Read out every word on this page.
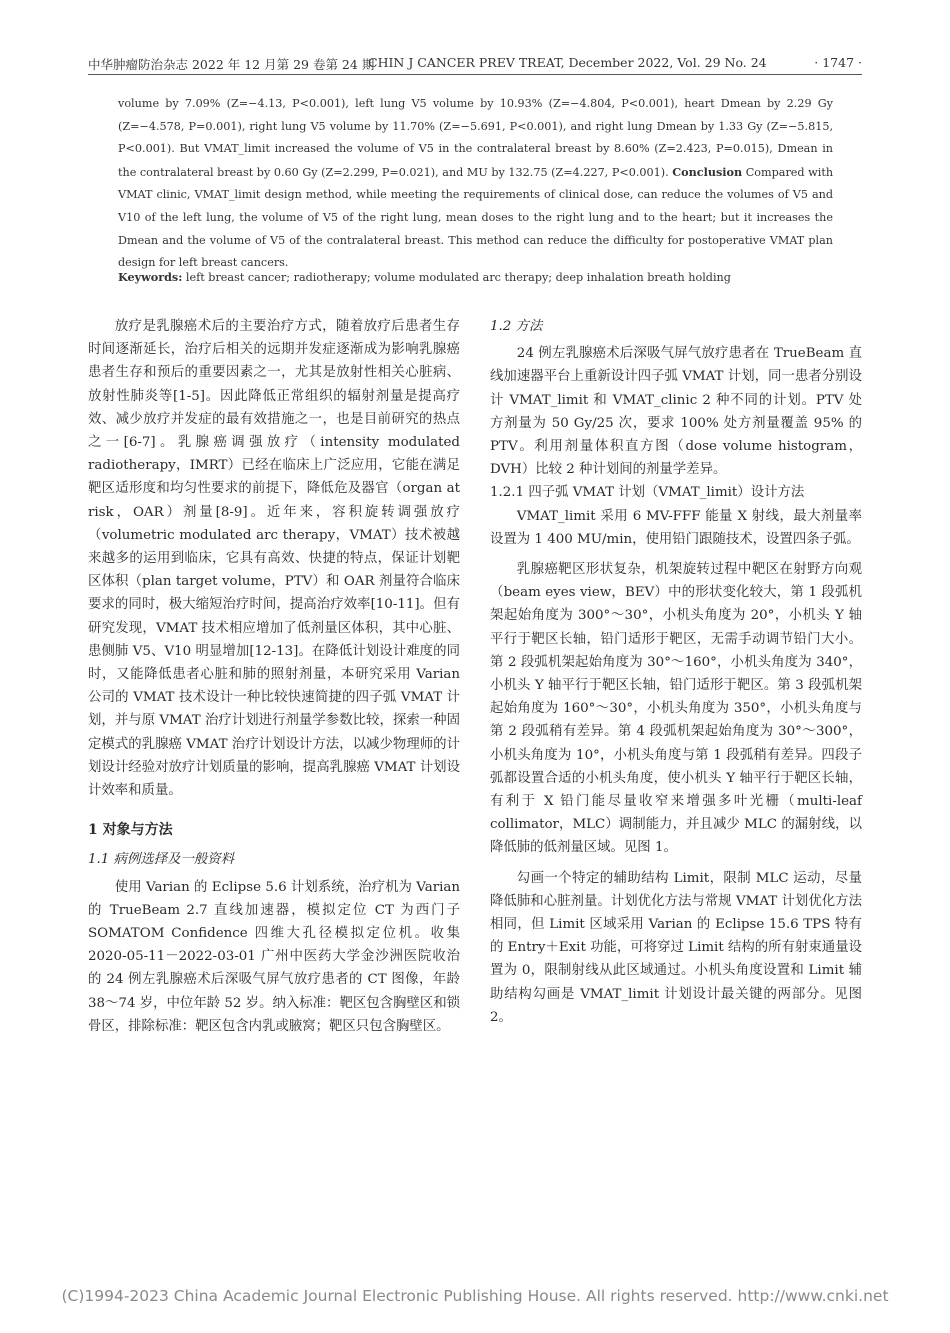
中华肿瘤防治杂志 2022 年 12 月第 29 卷第 24 期
CHIN J CANCER PREV TREAT, December 2022, Vol. 29 No. 24	· 1747 ·

volume by 7.09% (Z=−4.13, P<0.001), left lung V5 volume by 10.93% (Z=−4.804, P<0.001), heart Dmean by 2.29 Gy (Z=−4.578, P=0.001), right lung V5 volume by 11.70% (Z=−5.691, P<0.001), and right lung Dmean by 1.33 Gy (Z=−5.815, P<0.001). But VMAT_limit increased the volume of V5 in the contralateral breast by 8.60% (Z=2.423, P=0.015), Dmean in the contralateral breast by 0.60 Gy (Z=2.299, P=0.021), and MU by 132.75 (Z=4.227, P<0.001). Conclusion Compared with VMAT clinic, VMAT_limit design method, while meeting the requirements of clinical dose, can reduce the volumes of V5 and V10 of the left lung, the volume of V5 of the right lung, mean doses to the right lung and to the heart; but it increases the Dmean and the volume of V5 of the contralateral breast. This method can reduce the difficulty for postoperative VMAT plan design for left breast cancers.

Keywords: left breast cancer; radiotherapy; volume modulated arc therapy; deep inhalation breath holding

放疗是乳腺癌术后的主要治疗方式，随着放疗后患者生存时间逐渐延长，治疗后相关的远期并发症逐渐成为影响乳腺癌患者生存和预后的重要因素之一，尤其是放射性相关心脏病、放射性肺炎等[1-5]。因此降低正常组织的辐射剂量是提高疗效、减少放疗并发症的最有效措施之一，也是目前研究的热点之一[6-7]。乳腺癌调强放疗（intensity modulated radiotherapy，IMRT）已经在临床上广泛应用，它能在满足靶区适形度和均匀性要求的前提下，降低危及器官（organ at risk，OAR）剂量[8-9]。近年来，容积旋转调强放疗（volumetric modulated arc therapy，VMAT）技术被越来越多的运用到临床，它具有高效、快捷的特点，保证计划靶区体积（plan target volume，PTV）和 OAR 剂量符合临床要求的同时，极大缩短治疗时间，提高治疗效率[10-11]。但有研究发现，VMAT 技术相应增加了低剂量区体积，其中心脏、患侧肺 V5、V10 明显增加[12-13]。在降低计划设计难度的同时，又能降低患者心脏和肺的照射剂量，本研究采用 Varian 公司的 VMAT 技术设计一种比较快速简捷的四子弧 VMAT 计划，并与原 VMAT 治疗计划进行剂量学参数比较，探索一种固定模式的乳腺癌 VMAT 治疗计划设计方法，以减少物理师的计划设计经验对放疗计划质量的影响，提高乳腺癌 VMAT 计划设计效率和质量。

1 对象与方法
1.1 病例选择及一般资料

使用 Varian 的 Eclipse 5.6 计划系统，治疗机为 Varian 的 TrueBeam 2.7 直线加速器，模拟定位 CT 为西门子 SOMATOM Confidence 四维大孔径模拟定位机。收集 2020-05-11－2022-03-01 广州中医药大学金沙洲医院收治的 24 例左乳腺癌术后深吸气屏气放疗患者的 CT 图像，年龄 38～74 岁，中位年龄 52 岁。纳入标准：靶区包含胸壁区和锁骨区，排除标准：靶区包含内乳或腋窝；靶区只包含胸壁区。

1.2 方法

24 例左乳腺癌术后深吸气屏气放疗患者在 TrueBeam 直线加速器平台上重新设计四子弧 VMAT 计划，同一患者分别设计 VMAT_limit 和 VMAT_clinic 2 种不同的计划。PTV 处方剂量为 50 Gy/25 次，要求 100% 处方剂量覆盖 95% 的 PTV。利用剂量体积直方图（dose volume histogram，DVH）比较 2 种计划间的剂量学差异。

1.2.1 四子弧 VMAT 计划（VMAT_limit）设计方法

VMAT_limit 采用 6 MV-FFF 能量 X 射线，最大剂量率设置为 1 400 MU/min，使用铅门跟随技术，设置四条子弧。

乳腺癌靶区形状复杂，机架旋转过程中靶区在射野方向观（beam eyes view，BEV）中的形状变化较大，第 1 段弧机架起始角度为 300°～30°，小机头角度为 20°，小机头 Y 轴平行于靶区长轴，铅门适形于靶区，无需手动调节铅门大小。第 2 段弧机架起始角度为 30°～160°，小机头角度为 340°，小机头 Y 轴平行于靶区长轴，铅门适形于靶区。第 3 段弧机架起始角度为 160°～30°，小机头角度为 350°，小机头角度与第 2 段弧稍有差异。第 4 段弧机架起始角度为 30°～300°，小机头角度为 10°，小机头角度与第 1 段弧稍有差异。四段子弧都设置合适的小机头角度，使小机头 Y 轴平行于靶区长轴，有利于 X 铅门能尽量收窄来增强多叶光栅（multi-leaf collimator，MLC）调制能力，并且减少 MLC 的漏射线，以降低肺的低剂量区域。见图 1。

勾画一个特定的辅助结构 Limit，限制 MLC 运动，尽量降低肺和心脏剂量。计划优化方法与常规 VMAT 计划优化方法相同，但 Limit 区域采用 Varian 的 Eclipse 15.6 TPS 特有的 Entry＋Exit 功能，可将穿过 Limit 结构的所有射束通量设置为 0，限制射线从此区域通过。小机头角度设置和 Limit 辅助结构勾画是 VMAT_limit 计划设计最关键的两部分。见图 2。

(C)1994-2023 China Academic Journal Electronic Publishing House. All rights reserved. http://www.cnki.net
